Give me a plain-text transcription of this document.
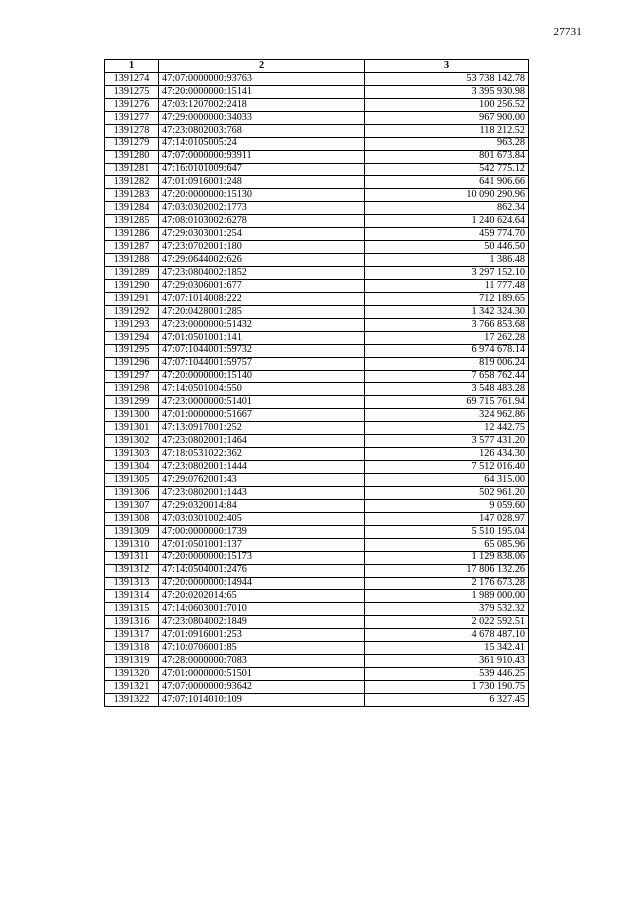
27731
1	2	3
1391274	47:07:0000000:93763	53 738 142.78
1391275	47:20:0000000:15141	3 395 930.98
1391276	47:03:1207002:2418	100 256.52
1391277	47:29:0000000:34033	967 900.00
1391278	47:23:0802003:768	118 212.52
1391279	47:14:0105005:24	963.28
1391280	47:07:0000000:93911	801 673.84
1391281	47:16:0101009:647	542 775.12
1391282	47:01:0916001:248	641 906.66
1391283	47:20:0000000:15130	10 090 290.96
1391284	47:03:0302002:1773	862.34
1391285	47:08:0103002:6278	1 240 624.64
1391286	47:29:0303001:254	459 774.70
1391287	47:23:0702001:180	50 446.50
1391288	47:29:0644002:626	1 386.48
1391289	47:23:0804002:1852	3 297 152.10
1391290	47:29:0306001:677	11 777.48
1391291	47:07:1014008:222	712 189.65
1391292	47:20:0428001:285	1 342 324.30
1391293	47:23:0000000:51432	3 766 853.68
1391294	47:01:0501001:141	17 262.28
1391295	47:07:1044001:59732	6 974 678.14
1391296	47:07:1044001:59757	819 006.24
1391297	47:20:0000000:15140	7 658 762.44
1391298	47:14:0501004:550	3 548 483.28
1391299	47:23:0000000:51401	69 715 761.94
1391300	47:01:0000000:51667	324 962.86
1391301	47:13:0917001:252	12 442.75
1391302	47:23:0802001:1464	3 577 431.20
1391303	47:18:0531022:362	126 434.30
1391304	47:23:0802001:1444	7 512 016.40
1391305	47:29:0762001:43	64 315.00
1391306	47:23:0802001:1443	502 961.20
1391307	47:29:0320014:84	9 059.60
1391308	47:03:0301002:405	147 028.97
1391309	47:00:0000000:1739	5 510 195.04
1391310	47:01:0501001:137	65 085.96
1391311	47:20:0000000:15173	1 129 838.06
1391312	47:14:0504001:2476	17 806 132.26
1391313	47:20:0000000:14944	2 176 673.28
1391314	47:20:0202014:65	1 989 000.00
1391315	47:14:0603001:7010	379 532.32
1391316	47:23:0804002:1849	2 022 592.51
1391317	47:01:0916001:253	4 678 487.10
1391318	47:10:0706001:85	15 342.41
1391319	47:28:0000000:7083	361 910.43
1391320	47:01:0000000:51501	539 446.25
1391321	47:07:0000000:93642	1 730 190.75
1391322	47:07:1014010:109	6 327.45
